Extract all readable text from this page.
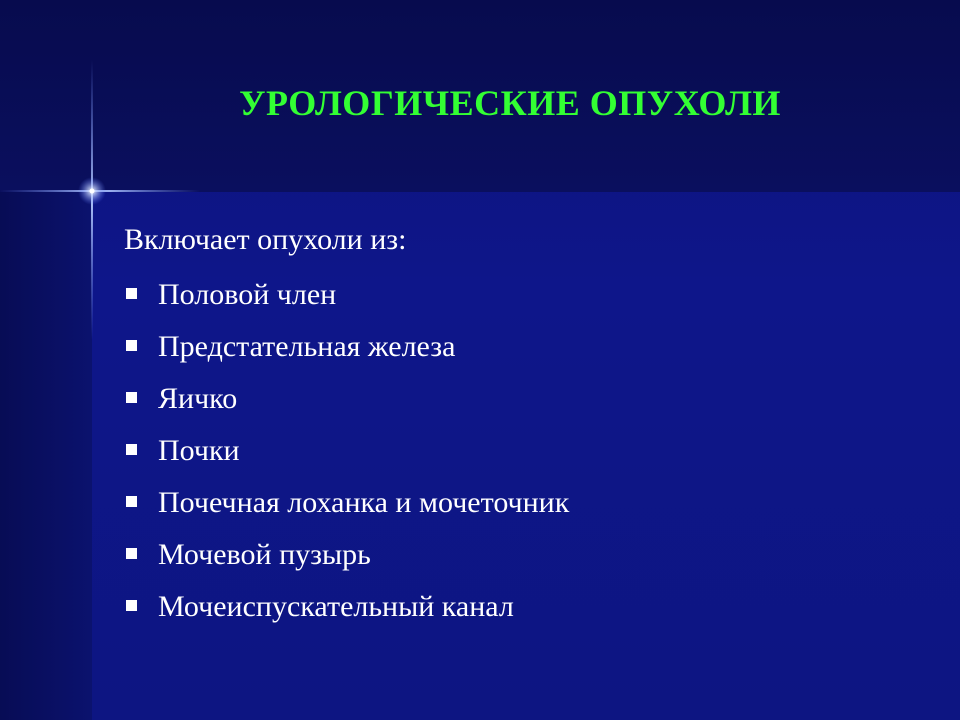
УРОЛОГИЧЕСКИЕ ОПУХОЛИ

Включает опухоли из:

Половой член
Предстательная железа
Яичко
Почки
Почечная лоханка и мочеточник
Мочевой пузырь
Мочеиспускательный канал
